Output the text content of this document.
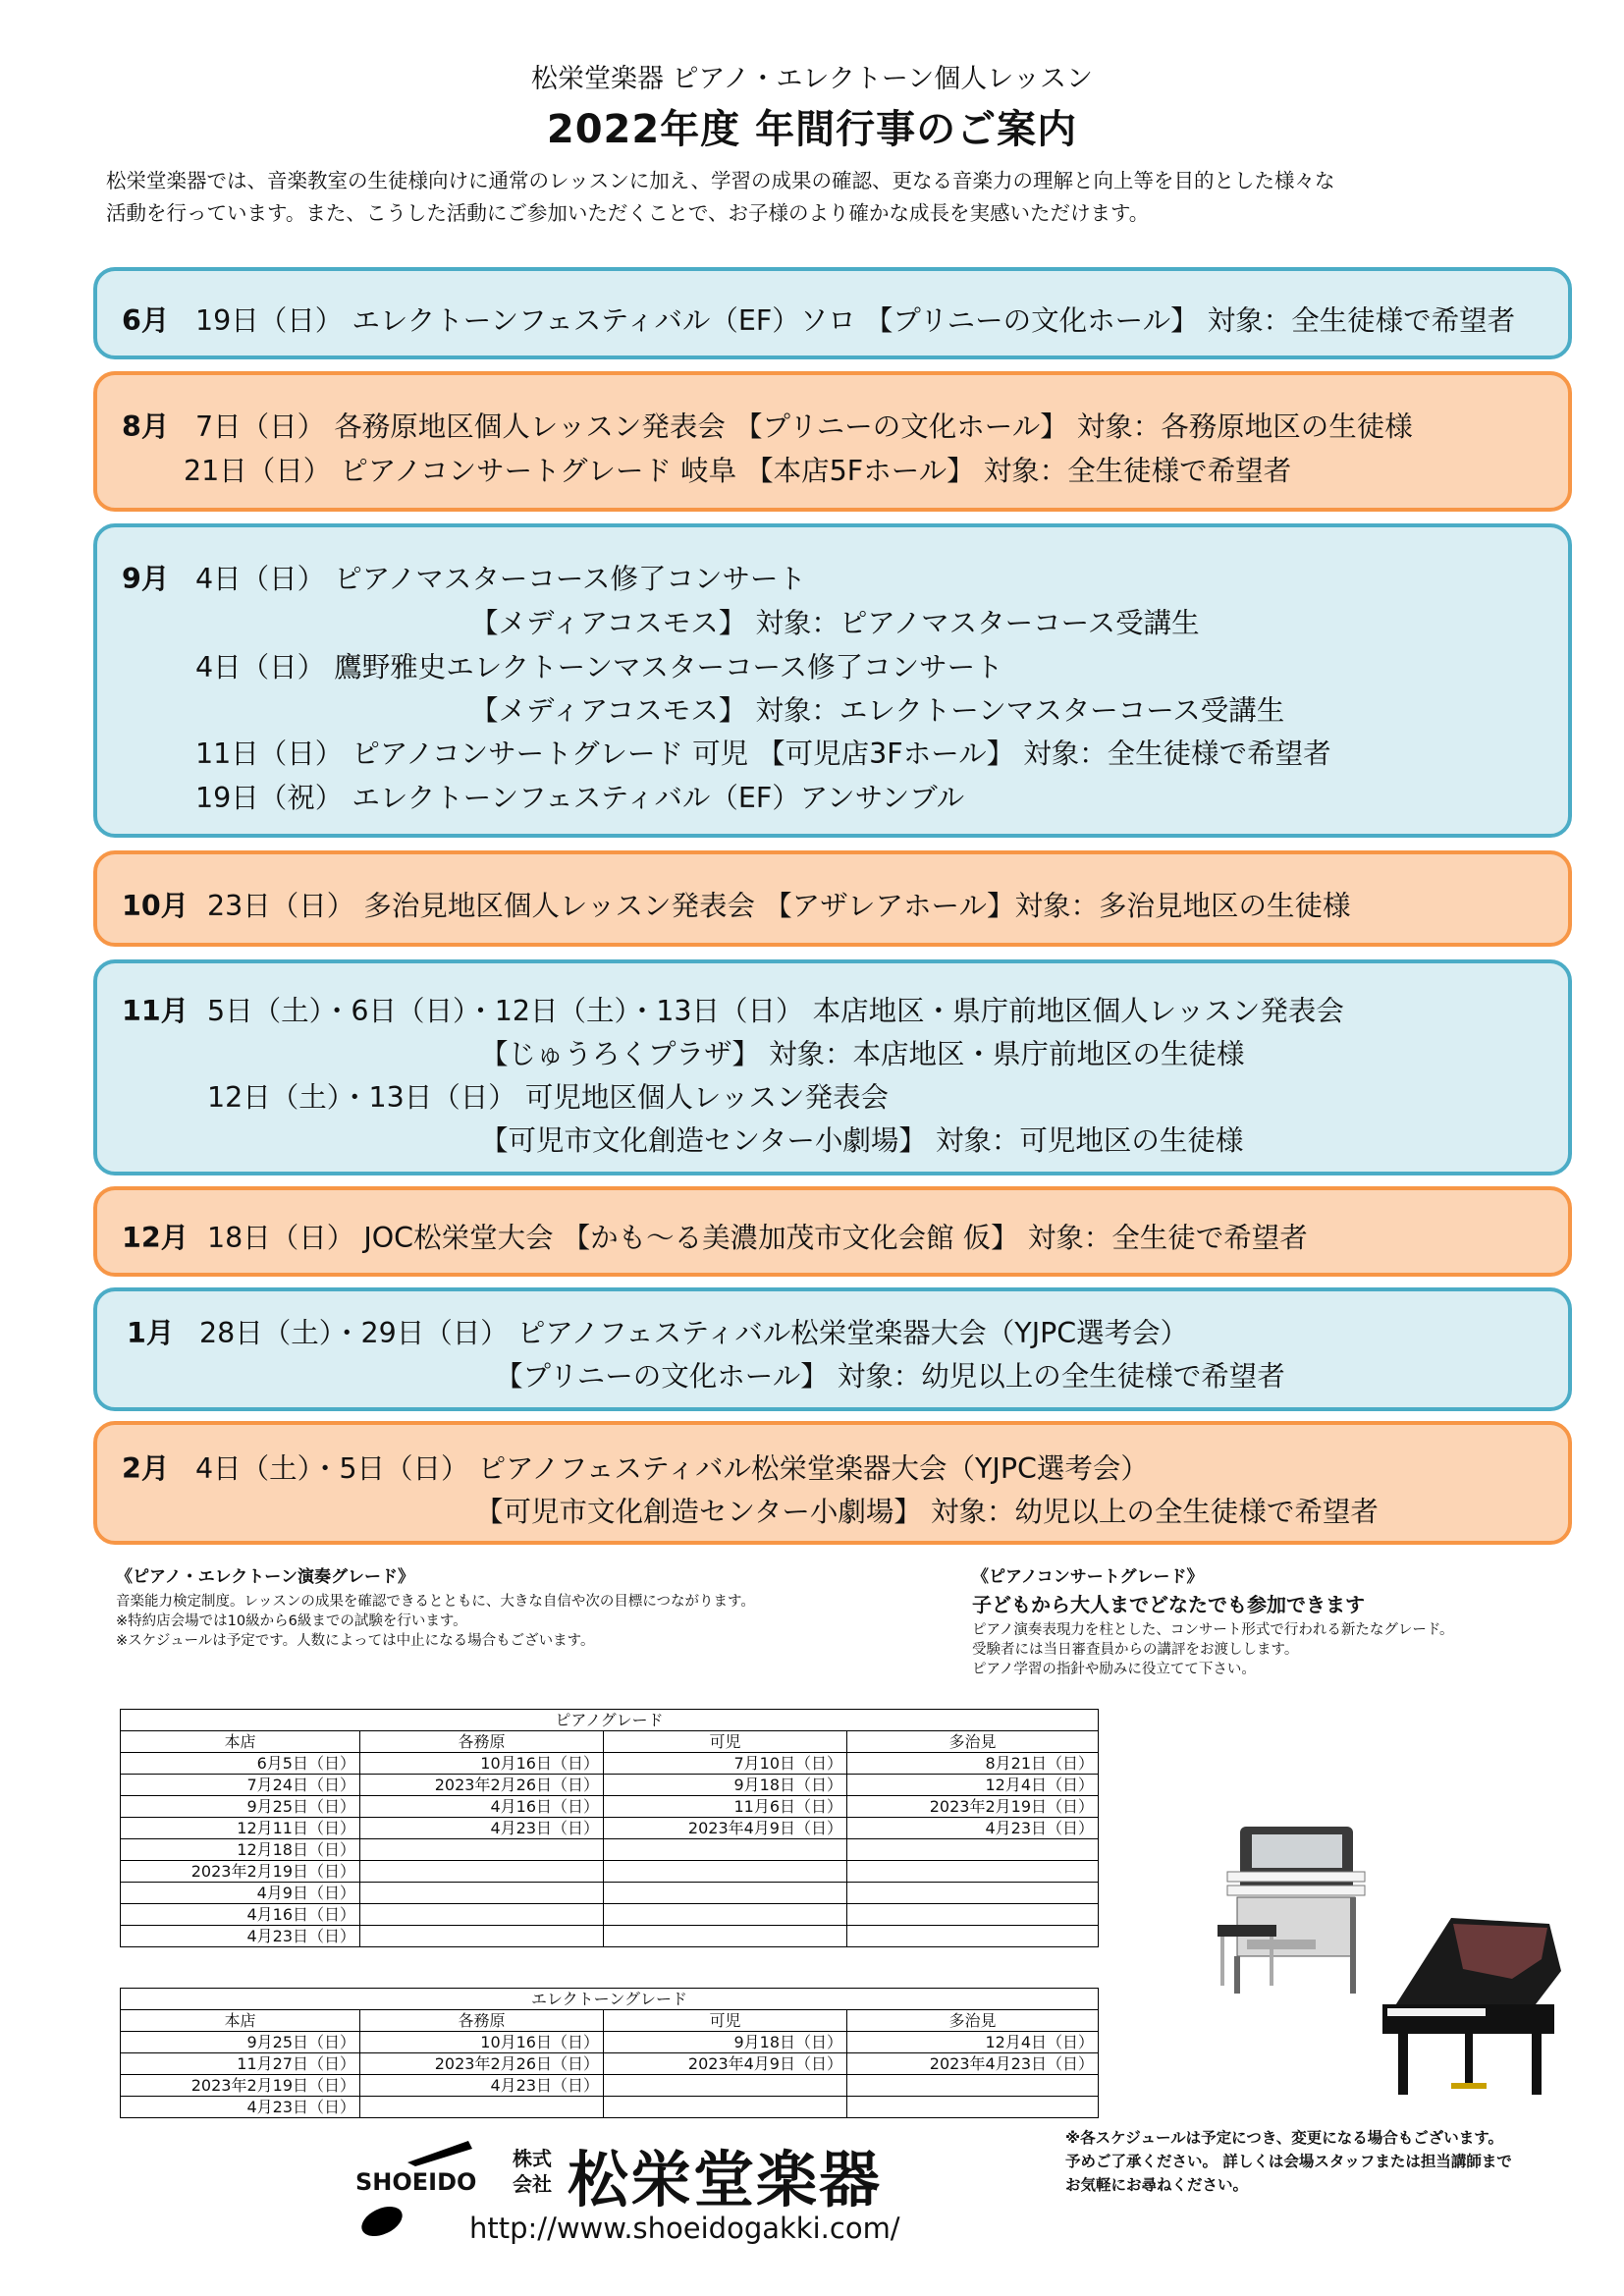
松栄堂楽器 ピアノ・エレクトーン個人レッスン
2022年度 年間行事のご案内
松栄堂楽器では、音楽教室の生徒様向けに通常のレッスンに加え、学習の成果の確認、更なる音楽力の理解と向上等を目的とした様々な
活動を行っています。また、こうした活動にご参加いただくことで、お子様のより確かな成長を実感いただけます。
6月 19日（日） エレクトーンフェスティバル（EF）ソロ 【プリニーの文化ホール】 対象：全生徒様で希望者
8月 7日（日） 各務原地区個人レッスン発表会 【プリニーの文化ホール】 対象：各務原地区の生徒様
21日（日） ピアノコンサートグレード 岐阜 【本店5Fホール】 対象：全生徒様で希望者
9月 4日（日） ピアノマスターコース修了コンサート
【メディアコスモス】 対象：ピアノマスターコース受講生
4日（日） 鷹野雅史エレクトーンマスターコース修了コンサート
【メディアコスモス】 対象：エレクトーンマスターコース受講生
11日（日） ピアノコンサートグレード 可児 【可児店3Fホール】 対象：全生徒様で希望者
19日（祝） エレクトーンフェスティバル（EF）アンサンブル
10月 23日（日） 多治見地区個人レッスン発表会 【アザレアホール】対象：多治見地区の生徒様
11月 5日（土）・6日（日）・12日（土）・13日（日） 本店地区・県庁前地区個人レッスン発表会
【じゅうろくプラザ】 対象：本店地区・県庁前地区の生徒様
12日（土）・13日（日） 可児地区個人レッスン発表会
【可児市文化創造センター小劇場】 対象：可児地区の生徒様
12月 18日（日） JOC松栄堂大会 【かも～る美濃加茂市文化会館 仮】 対象：全生徒で希望者
1月 28日（土）・29日（日） ピアノフェスティバル松栄堂楽器大会（YJPC選考会）
【プリニーの文化ホール】 対象：幼児以上の全生徒様で希望者
2月 4日（土）・5日（日） ピアノフェスティバル松栄堂楽器大会（YJPC選考会）
【可児市文化創造センター小劇場】 対象：幼児以上の全生徒様で希望者
《ピアノ・エレクトーン演奏グレード》
音楽能力検定制度。レッスンの成果を確認できるとともに、大きな自信や次の目標につながります。
※特約店会場では10級から6級までの試験を行います。
※スケジュールは予定です。人数によっては中止になる場合もございます。
《ピアノコンサートグレード》
子どもから大人までどなたでも参加できます
ピアノ演奏表現力を柱とした、コンサート形式で行われる新たなグレード。
受験者には当日審査員からの講評をお渡しします。
ピアノ学習の指針や励みに役立てて下さい。
ピアノグレード			
本店	各務原	可児	多治見
6月5日（日）	10月16日（日）	7月10日（日）	8月21日（日）
7月24日（日）	2023年2月26日（日）	9月18日（日）	12月4日（日）
9月25日（日）	4月16日（日）	11月6日（日）	2023年2月19日（日）
12月11日（日）	4月23日（日）	2023年4月9日（日）	4月23日（日）
12月18日（日）			
2023年2月19日（日）			
4月9日（日）			
4月16日（日）			
4月23日（日）			
エレクトーングレード			
本店	各務原	可児	多治見
9月25日（日）	10月16日（日）	9月18日（日）	12月4日（日）
11月27日（日）	2023年2月26日（日）	2023年4月9日（日）	2023年4月23日（日）
2023年2月19日（日）	4月23日（日）		
4月23日（日）			
SHOEIDO
株式
会社 松栄堂楽器
http://www.shoeidogakki.com/
※各スケジュールは予定につき、変更になる場合もございます。
予めご了承ください。 詳しくは会場スタッフまたは担当講師まで
お気軽にお尋ねください。
